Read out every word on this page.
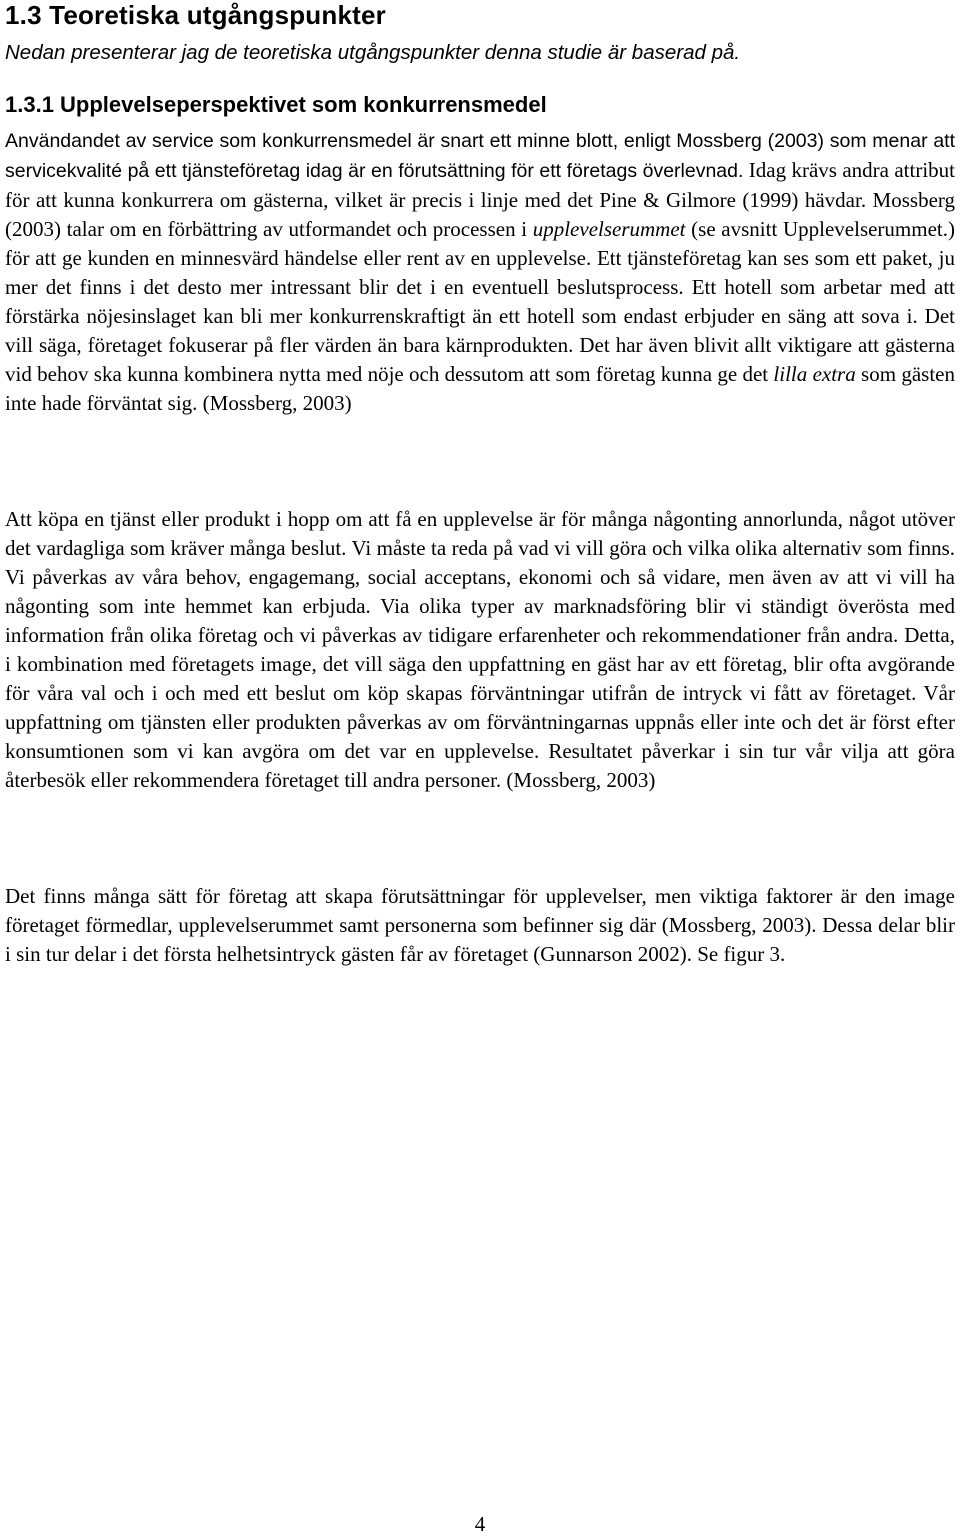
1.3 Teoretiska utgångspunkter

Nedan presenterar jag de teoretiska utgångspunkter denna studie är baserad på.

1.3.1 Upplevelseperspektivet som konkurrensmedel

Användandet av service som konkurrensmedel är snart ett minne blott, enligt Mossberg (2003) som menar att servicekvalité på ett tjänsteföretag idag är en förutsättning för ett företags överlevnad. Idag krävs andra attribut för att kunna konkurrera om gästerna, vilket är precis i linje med det Pine & Gilmore (1999) hävdar. Mossberg (2003) talar om en förbättring av utformandet och processen i upplevelserummet (se avsnitt Upplevelserummet.) för att ge kunden en minnesvärd händelse eller rent av en upplevelse. Ett tjänsteföretag kan ses som ett paket, ju mer det finns i det desto mer intressant blir det i en eventuell beslutsprocess. Ett hotell som arbetar med att förstärka nöjesinslaget kan bli mer konkurrenskraftigt än ett hotell som endast erbjuder en säng att sova i. Det vill säga, företaget fokuserar på fler värden än bara kärnprodukten. Det har även blivit allt viktigare att gästerna vid behov ska kunna kombinera nytta med nöje och dessutom att som företag kunna ge det lilla extra som gästen inte hade förväntat sig. (Mossberg, 2003)

Att köpa en tjänst eller produkt i hopp om att få en upplevelse är för många någonting annorlunda, något utöver det vardagliga som kräver många beslut. Vi måste ta reda på vad vi vill göra och vilka olika alternativ som finns. Vi påverkas av våra behov, engagemang, social acceptans, ekonomi och så vidare, men även av att vi vill ha någonting som inte hemmet kan erbjuda. Via olika typer av marknadsföring blir vi ständigt överösta med information från olika företag och vi påverkas av tidigare erfarenheter och rekommendationer från andra. Detta, i kombination med företagets image, det vill säga den uppfattning en gäst har av ett företag, blir ofta avgörande för våra val och i och med ett beslut om köp skapas förväntningar utifrån de intryck vi fått av företaget. Vår uppfattning om tjänsten eller produkten påverkas av om förväntningarnas uppnås eller inte och det är först efter konsumtionen som vi kan avgöra om det var en upplevelse. Resultatet påverkar i sin tur vår vilja att göra återbesök eller rekommendera företaget till andra personer. (Mossberg, 2003)

Det finns många sätt för företag att skapa förutsättningar för upplevelser, men viktiga faktorer är den image företaget förmedlar, upplevelserummet samt personerna som befinner sig där (Mossberg, 2003). Dessa delar blir i sin tur delar i det första helhetsintryck gästen får av företaget (Gunnarson 2002). Se figur 3.

4
